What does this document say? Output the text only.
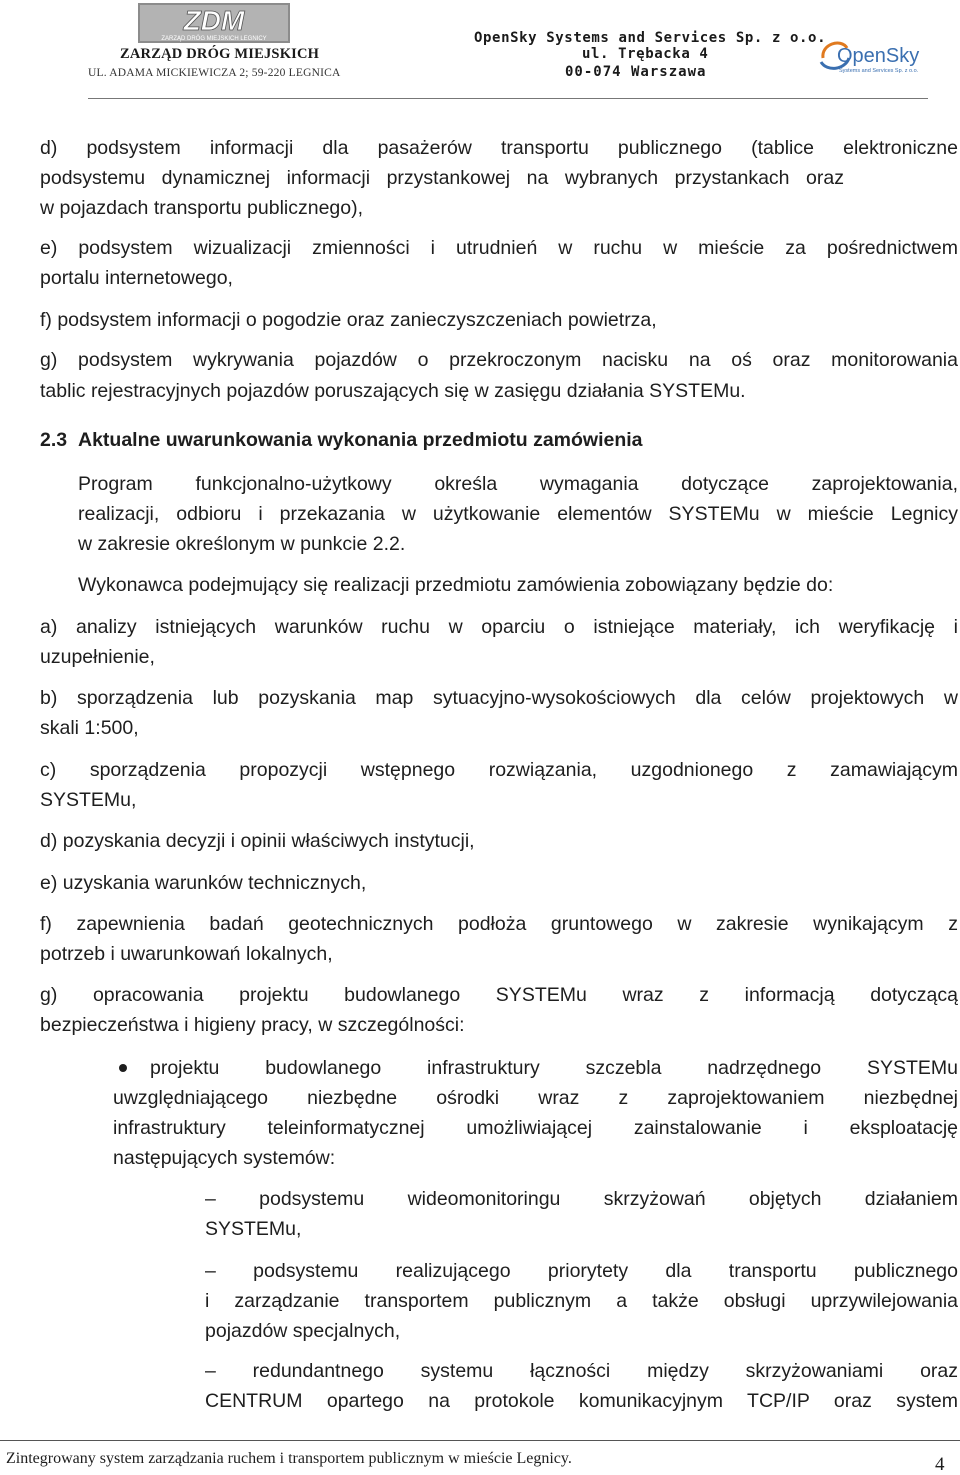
ZDM
ZARZĄD DRÓG MIEJSKICH LEGNICY
ZARZĄD DRÓG MIEJSKICH
UL. ADAMA MICKIEWICZA 2; 59-220 LEGNICA
OpenSky Systems and Services Sp. z o.o.
ul. Trębacka 4
00-074 Warszawa
OpenSky
Systems and Services Sp. z o.o.
d) podsystem informacji dla pasażerów transportu publicznego (tablice elektroniczne
podsystemu dynamicznej informacji przystankowej na wybranych przystankach oraz
w pojazdach transportu publicznego),
e) podsystem wizualizacji zmienności i utrudnień w ruchu w mieście za pośrednictwem
portalu internetowego,
f) podsystem informacji o pogodzie oraz zanieczyszczeniach powietrza,
g) podsystem wykrywania pojazdów o przekroczonym nacisku na oś oraz monitorowania
tablic rejestracyjnych pojazdów poruszających się w zasięgu działania SYSTEMu.
2.3 Aktualne uwarunkowania wykonania przedmiotu zamówienia
Program funkcjonalno-użytkowy określa wymagania dotyczące zaprojektowania,
realizacji, odbioru i przekazania w użytkowanie elementów SYSTEMu w mieście Legnicy
w zakresie określonym w punkcie 2.2.
Wykonawca podejmujący się realizacji przedmiotu zamówienia zobowiązany będzie do:
a) analizy istniejących warunków ruchu w oparciu o istniejące materiały, ich weryfikację i
uzupełnienie,
b) sporządzenia lub pozyskania map sytuacyjno-wysokościowych dla celów projektowych w
skali 1:500,
c) sporządzenia propozycji wstępnego rozwiązania, uzgodnionego z zamawiającym
SYSTEMu,
d) pozyskania decyzji i opinii właściwych instytucji,
e) uzyskania warunków technicznych,
f) zapewnienia badań geotechnicznych podłoża gruntowego w zakresie wynikającym z
potrzeb i uwarunkowań lokalnych,
g) opracowania projektu budowlanego SYSTEMu wraz z informacją dotyczącą
bezpieczeństwa i higieny pracy, w szczególności:
projektu budowlanego infrastruktury szczebla nadrzędnego SYSTEMu
uwzględniającego niezbędne ośrodki wraz z zaprojektowaniem niezbędnej
infrastruktury teleinformatycznej umożliwiającej zainstalowanie i eksploatację
następujących systemów:
– podsystemu wideomonitoringu skrzyżowań objętych działaniem
SYSTEMu,
– podsystemu realizującego priorytety dla transportu publicznego
i zarządzanie transportem publicznym a także obsługi uprzywilejowania
pojazdów specjalnych,
– redundantnego systemu łączności między skrzyżowaniami oraz
CENTRUM opartego na protokole komunikacyjnym TCP/IP oraz system
Zintegrowany system zarządzania ruchem i transportem publicznym w mieście Legnicy.	4
